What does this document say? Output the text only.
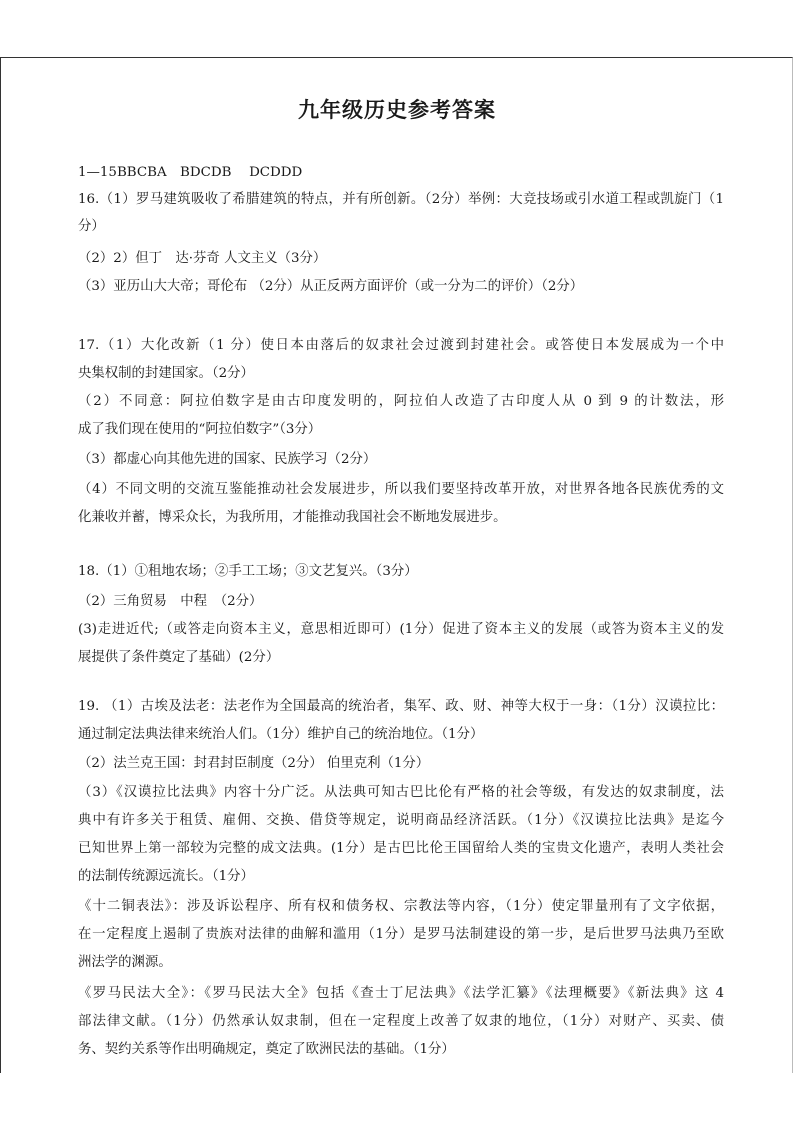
九年级历史参考答案
1—15BBCBA　BDCDB　 DCDDD
16.（1）罗马建筑吸收了希腊建筑的特点，并有所创新。（2分）举例：大竞技场或引水道工程或凯旋门（1
分）
（2）2）但丁　达·芬奇 人文主义（3分）
（3）亚历山大大帝；哥伦布 （2分）从正反两方面评价（或一分为二的评价）（2分）
17.（1）大化改新（1 分）使日本由落后的奴隶社会过渡到封建社会。或答使日本发展成为一个中
央集权制的封建国家。（2分）
（2）不同意：阿拉伯数字是由古印度发明的，阿拉伯人改造了古印度人从 0 到 9 的计数法，形
成了我们现在使用的“阿拉伯数字”（3分）
（3）都虚心向其他先进的国家、民族学习（2分）
（4）不同文明的交流互鉴能推动社会发展进步，所以我们要坚持改革开放，对世界各地各民族优秀的文
化兼收并蓄，博采众长，为我所用，才能推动我国社会不断地发展进步。
18.（1）①租地农场；②手工工场；③文艺复兴。（3分）
（2）三角贸易　中程　（2分）
(3)走进近代;（或答走向资本主义，意思相近即可）(1分）促进了资本主义的发展（或答为资本主义的发
展提供了条件奠定了基础）(2分）
19. （1）古埃及法老：法老作为全国最高的统治者，集军、政、财、神等大权于一身：（1分）汉谟拉比：
通过制定法典法律来统治人们。（1分）维护自己的统治地位。（1分）
（2）法兰克王国：封君封臣制度（2分） 伯里克利（1分）
（3）《汉谟拉比法典》内容十分广泛。从法典可知古巴比伦有严格的社会等级，有发达的奴隶制度，法
典中有许多关于租赁、雇佣、交换、借贷等规定，说明商品经济活跃。（1分）《汉谟拉比法典》是迄今
已知世界上第一部较为完整的成文法典。(1分）是古巴比伦王国留给人类的宝贵文化遗产，表明人类社会
的法制传统源远流长。（1分）
《十二铜表法》：涉及诉讼程序、所有权和债务权、宗教法等内容，（1分）使定罪量刑有了文字依据，
在一定程度上遏制了贵族对法律的曲解和滥用（1分）是罗马法制建设的第一步，是后世罗马法典乃至欧
洲法学的渊源。
《罗马民法大全》：《罗马民法大全》包括《查士丁尼法典》《法学汇纂》《法理概要》《新法典》这 4
部法律文献。（1分）仍然承认奴隶制，但在一定程度上改善了奴隶的地位，（1分）对财产、买卖、债
务、契约关系等作出明确规定，奠定了欧洲民法的基础。（1分）
